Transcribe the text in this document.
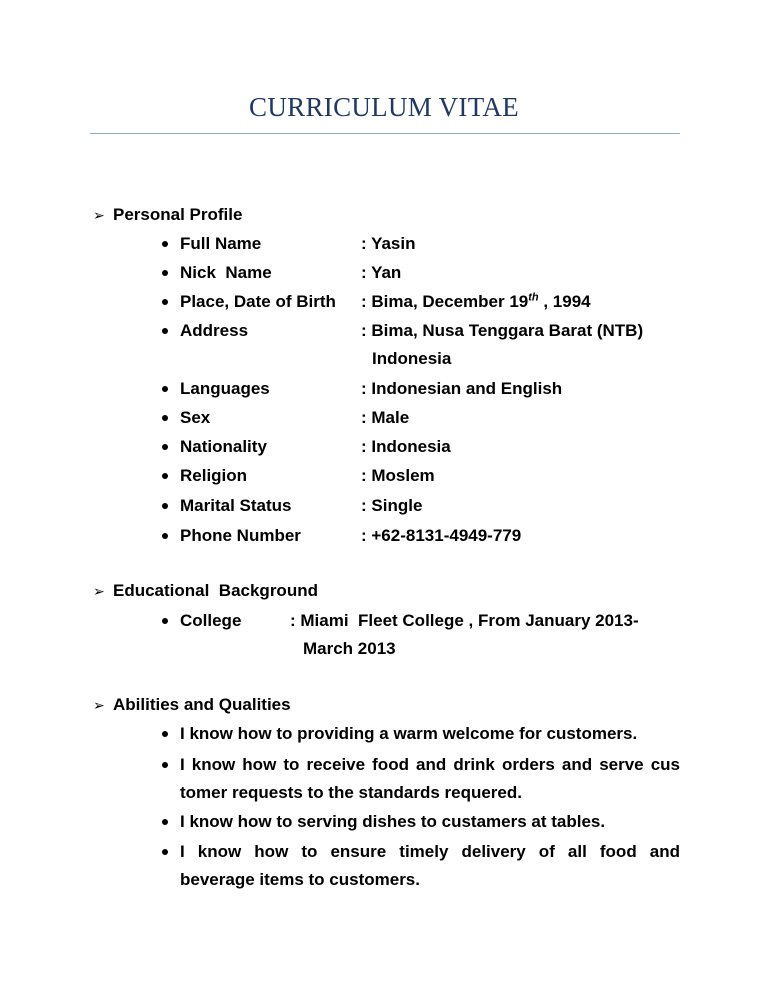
CURRICULUM VITAE
➢ Personal Profile
Full Name	: Yasin
Nick  Name	: Yan
Place, Date of Birth : Bima, December 19th , 1994
Address	: Bima, Nusa Tenggara Barat (NTB)
Indonesia
Languages	: Indonesian and English
Sex	: Male
Nationality	: Indonesia
Religion	: Moslem
Marital Status	: Single
Phone Number	: +62-8131-4949-779
➢ Educational  Background
College	: Miami  Fleet College , From January 2013-
March 2013
➢ Abilities and Qualities
I know how to providing a warm welcome for customers.
I know how to receive food and drink orders and serve cus
tomer requests to the standards requered.
I know how to serving dishes to custamers at tables.
I know how to ensure timely delivery of all food and
beverage items to customers.
